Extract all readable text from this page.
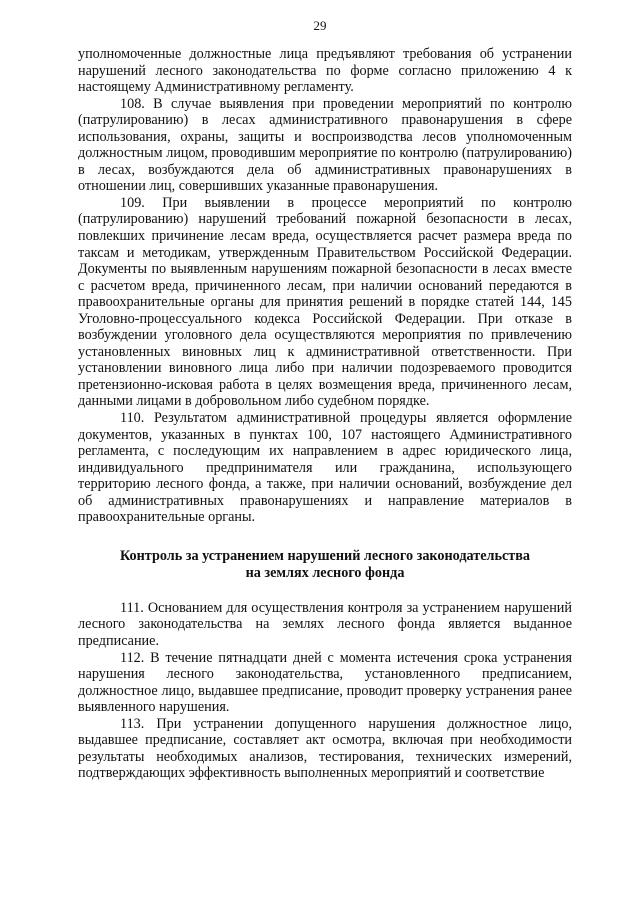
29

уполномоченные должностные лица предъявляют требования об устранении нарушений лесного законодательства по форме согласно приложению 4 к настоящему Административному регламенту.

108. В случае выявления при проведении мероприятий по контролю (патрулированию) в лесах административного правонарушения в сфере использования, охраны, защиты и воспроизводства лесов уполномоченным должностным лицом, проводившим мероприятие по контролю (патрулированию) в лесах, возбуждаются дела об административных правонарушениях в отношении лиц, совершивших указанные правонарушения.

109. При выявлении в процессе мероприятий по контролю (патрулированию) нарушений требований пожарной безопасности в лесах, повлекших причинение лесам вреда, осуществляется расчет размера вреда по таксам и методикам, утвержденным Правительством Российской Федерации. Документы по выявленным нарушениям пожарной безопасности в лесах вместе с расчетом вреда, причиненного лесам, при наличии оснований передаются в правоохранительные органы для принятия решений в порядке статей 144, 145 Уголовно-процессуального кодекса Российской Федерации. При отказе в возбуждении уголовного дела осуществляются мероприятия по привлечению установленных виновных лиц к административной ответственности. При установлении виновного лица либо при наличии подозреваемого проводится претензионно-исковая работа в целях возмещения вреда, причиненного лесам, данными лицами в добровольном либо судебном порядке.

110. Результатом административной процедуры является оформление документов, указанных в пунктах 100, 107 настоящего Административного регламента, с последующим их направлением в адрес юридического лица, индивидуального предпринимателя или гражданина, использующего территорию лесного фонда, а также, при наличии оснований, возбуждение дел об административных правонарушениях и направление материалов в правоохранительные органы.

Контроль за устранением нарушений лесного законодательства
на землях лесного фонда

111. Основанием для осуществления контроля за устранением нарушений лесного законодательства на землях лесного фонда является выданное предписание.

112. В течение пятнадцати дней с момента истечения срока устранения нарушения лесного законодательства, установленного предписанием, должностное лицо, выдавшее предписание, проводит проверку устранения ранее выявленного нарушения.

113. При устранении допущенного нарушения должностное лицо, выдавшее предписание, составляет акт осмотра, включая при необходимости результаты необходимых анализов, тестирования, технических измерений, подтверждающих эффективность выполненных мероприятий и соответствие
